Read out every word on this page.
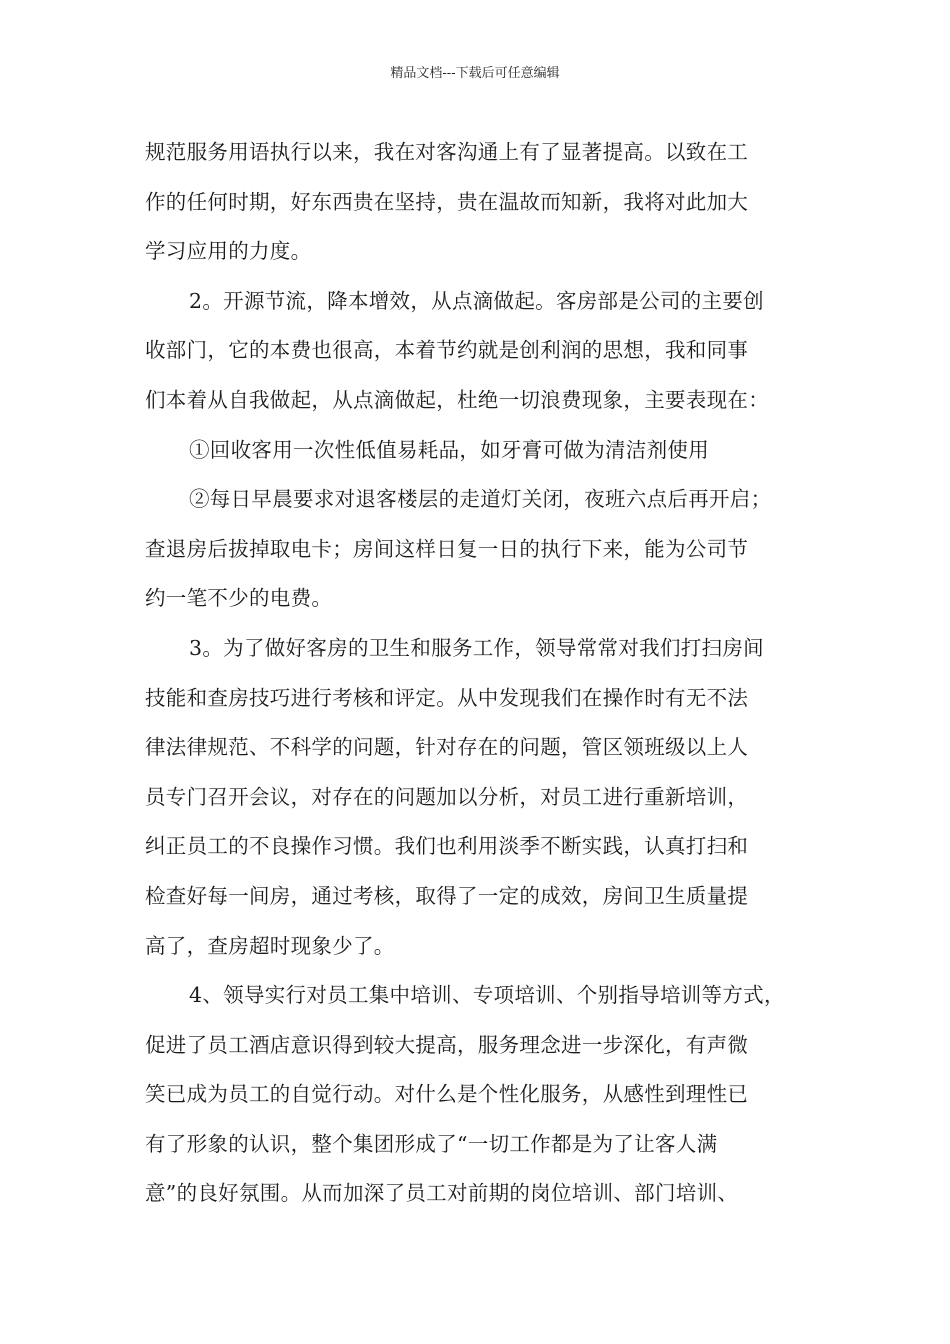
精品文档---下载后可任意编辑
规范服务用语执行以来，我在对客沟通上有了显著提高。以致在工
作的任何时期，好东西贵在坚持，贵在温故而知新，我将对此加大
学习应用的力度。
2。开源节流，降本增效，从点滴做起。客房部是公司的主要创
收部门，它的本费也很高，本着节约就是创利润的思想，我和同事
们本着从自我做起，从点滴做起，杜绝一切浪费现象，主要表现在：
①回收客用一次性低值易耗品，如牙膏可做为清洁剂使用
②每日早晨要求对退客楼层的走道灯关闭，夜班六点后再开启；
查退房后拔掉取电卡；房间这样日复一日的执行下来，能为公司节
约一笔不少的电费。
3。为了做好客房的卫生和服务工作，领导常常对我们打扫房间
技能和查房技巧进行考核和评定。从中发现我们在操作时有无不法
律法律规范、不科学的问题，针对存在的问题，管区领班级以上人
员专门召开会议，对存在的问题加以分析，对员工进行重新培训，
纠正员工的不良操作习惯。我们也利用淡季不断实践，认真打扫和
检查好每一间房，通过考核，取得了一定的成效，房间卫生质量提
高了，查房超时现象少了。
4、领导实行对员工集中培训、专项培训、个别指导培训等方式，
促进了员工酒店意识得到较大提高，服务理念进一步深化，有声微
笑已成为员工的自觉行动。对什么是个性化服务，从感性到理性已
有了形象的认识，整个集团形成了“一切工作都是为了让客人满
意”的良好氛围。从而加深了员工对前期的岗位培训、部门培训、
